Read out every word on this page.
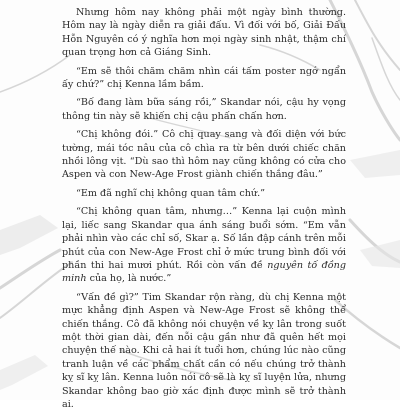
Nhưng hôm nay không phải một ngày bình thường. Hôm nay là ngày diễn ra giải đấu. Vì đối với bố, Giải Đấu Hỗn Nguyên có ý nghĩa hơn mọi ngày sinh nhật, thậm chí quan trọng hơn cả Giáng Sinh.

“Em sẽ thôi chăm chăm nhìn cái tấm poster ngớ ngẩn ấy chứ?” chị Kenna lầm bầm.

“Bố đang làm bữa sáng rồi,” Skandar nói, cậu hy vọng thông tin này sẽ khiến chị cậu phấn chấn hơn.

“Chị không đói.” Cô chị quay sang và đối diện với bức tường, mái tóc nâu của cô chìa ra từ bên dưới chiếc chăn nhồi lông vịt. “Dù sao thì hôm nay cũng không có cửa cho Aspen và con New-Age Frost giành chiến thắng đâu.”

“Em đã nghĩ chị không quan tâm chứ.”

“Chị không quan tâm, nhưng…” Kenna lại cuộn mình lại, liếc sang Skandar qua ánh sáng buổi sớm. “Em vẫn phải nhìn vào các chỉ số, Skar ạ. Số lần đập cánh trên mỗi phút của con New-Age Frost chỉ ở mức trung bình đối với phần thi hai mươi phút. Rồi còn vấn đề nguyên tố đồng minh của họ, là nước.”

“Vấn đề gì?” Tim Skandar rộn ràng, dù chị Kenna một mực khẳng định Aspen và New-Age Frost sẽ không thể chiến thắng. Cô đã không nói chuyện về kỵ lân trong suốt một thời gian dài, đến nỗi cậu gần như đã quên hết mọi chuyện thế nào. Khi cả hai ít tuổi hơn, chúng lúc nào cũng tranh luận về các phẩm chất cần có nếu chúng trở thành kỵ sĩ kỵ lân. Kenna luôn nói cô sẽ là kỵ sĩ luyện lửa, nhưng Skandar không bao giờ xác định được mình sẽ trở thành ai.
